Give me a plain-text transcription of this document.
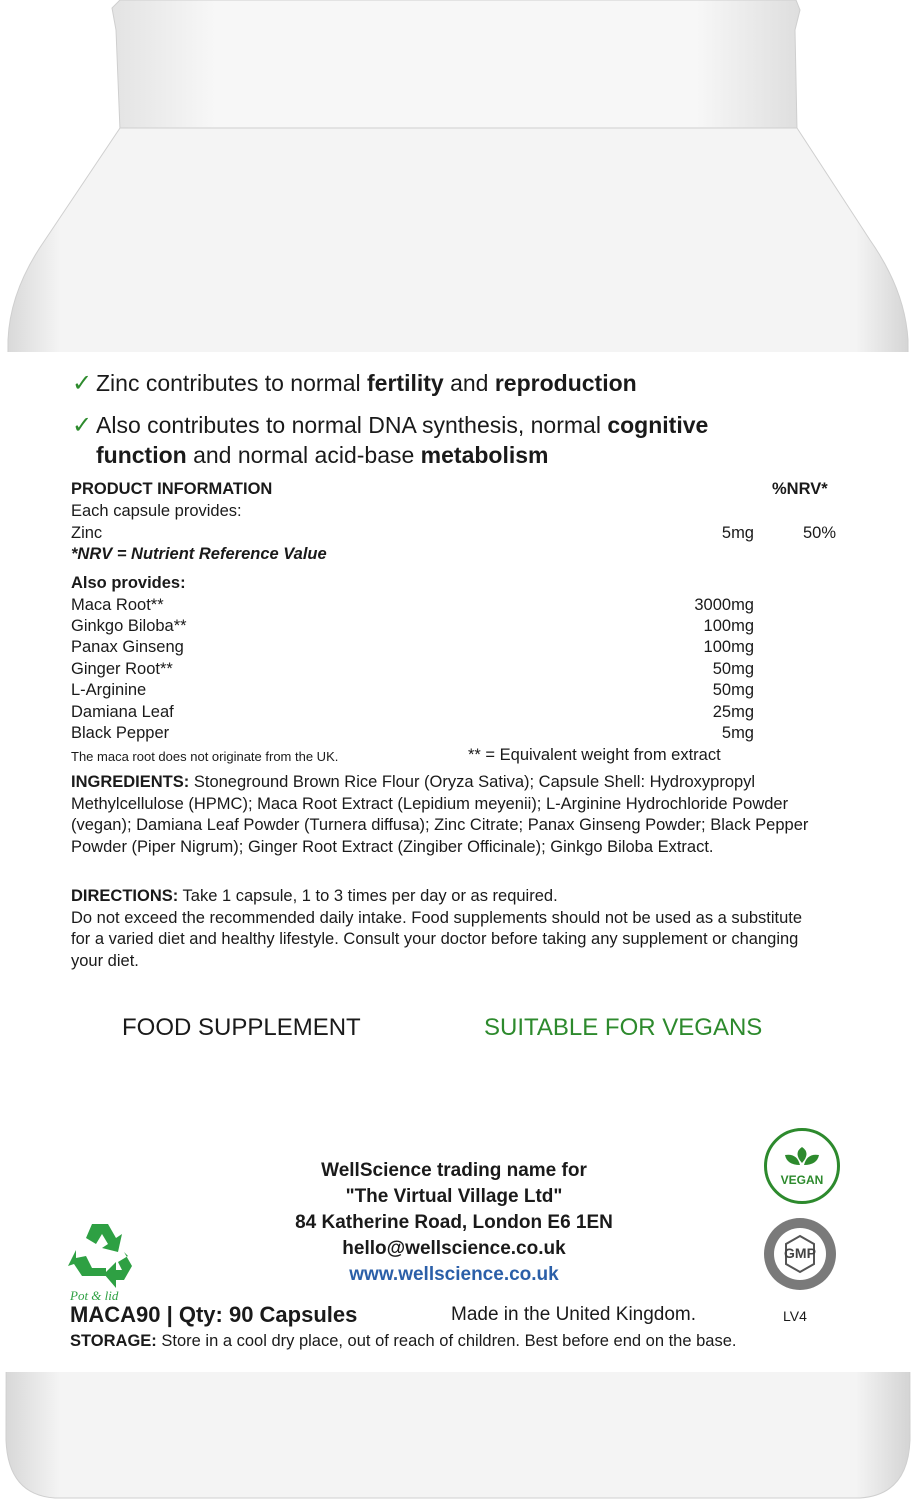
✓ Zinc contributes to normal fertility and reproduction
✓ Also contributes to normal DNA synthesis, normal cognitive
function and normal acid-base metabolism
PRODUCT INFORMATION	%NRV*
Each capsule provides:
Zinc	5mg	50%
*NRV = Nutrient Reference Value
Also provides:
Maca Root**	3000mg
Ginkgo Biloba**	100mg
Panax Ginseng	100mg
Ginger Root**	50mg
L-Arginine	50mg
Damiana Leaf	25mg
Black Pepper	5mg
The maca root does not originate from the UK.	** = Equivalent weight from extract
INGREDIENTS: Stoneground Brown Rice Flour (Oryza Sativa); Capsule Shell: Hydroxypropyl Methylcellulose (HPMC); Maca Root Extract (Lepidium meyenii); L-Arginine Hydrochloride Powder (vegan); Damiana Leaf Powder (Turnera diffusa); Zinc Citrate; Panax Ginseng Powder; Black Pepper Powder (Piper Nigrum); Ginger Root Extract (Zingiber Officinale); Ginkgo Biloba Extract.
DIRECTIONS: Take 1 capsule, 1 to 3 times per day or as required.
Do not exceed the recommended daily intake. Food supplements should not be used as a substitute for a varied diet and healthy lifestyle. Consult your doctor before taking any supplement or changing your diet.
FOOD SUPPLEMENT	SUITABLE FOR VEGANS
WellScience trading name for
"The Virtual Village Ltd"
84 Katherine Road, London E6 1EN
hello@wellscience.co.uk
www.wellscience.co.uk
Pot & lid
VEGAN
GMP
MACA90 | Qty: 90 Capsules	Made in the United Kingdom.	LV4
STORAGE: Store in a cool dry place, out of reach of children. Best before end on the base.
